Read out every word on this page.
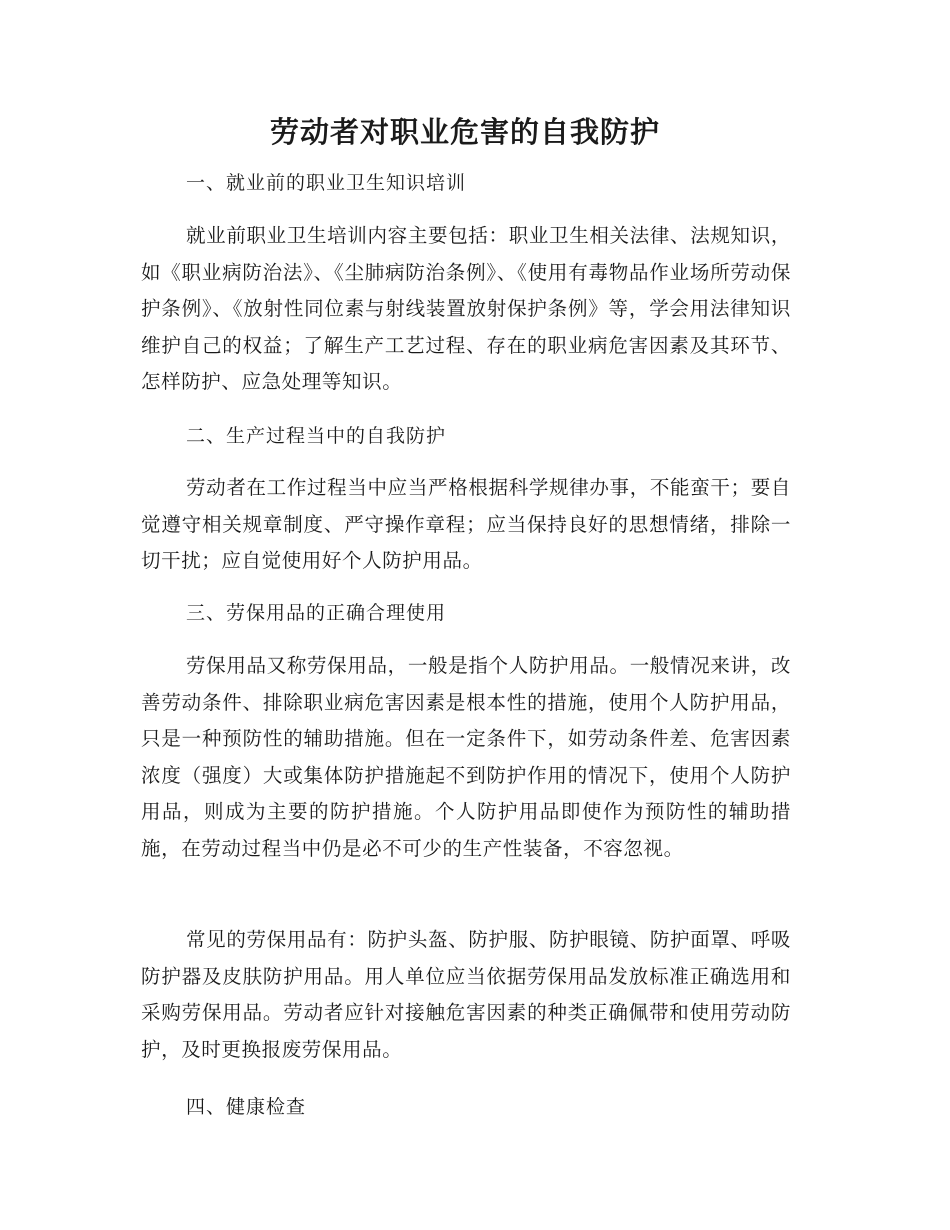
劳动者对职业危害的自我防护

一、就业前的职业卫生知识培训

就业前职业卫生培训内容主要包括：职业卫生相关法律、法规知识，如《职业病防治法》、《尘肺病防治条例》、《使用有毒物品作业场所劳动保护条例》、《放射性同位素与射线装置放射保护条例》等，学会用法律知识维护自己的权益；了解生产工艺过程、存在的职业病危害因素及其环节、怎样防护、应急处理等知识。

二、生产过程当中的自我防护

劳动者在工作过程当中应当严格根据科学规律办事，不能蛮干；要自觉遵守相关规章制度、严守操作章程；应当保持良好的思想情绪，排除一切干扰；应自觉使用好个人防护用品。

三、劳保用品的正确合理使用

劳保用品又称劳保用品，一般是指个人防护用品。一般情况来讲，改善劳动条件、排除职业病危害因素是根本性的措施，使用个人防护用品，只是一种预防性的辅助措施。但在一定条件下，如劳动条件差、危害因素浓度（强度）大或集体防护措施起不到防护作用的情况下，使用个人防护用品，则成为主要的防护措施。个人防护用品即使作为预防性的辅助措施，在劳动过程当中仍是必不可少的生产性装备，不容忽视。

常见的劳保用品有：防护头盔、防护服、防护眼镜、防护面罩、呼吸防护器及皮肤防护用品。用人单位应当依据劳保用品发放标准正确选用和采购劳保用品。劳动者应针对接触危害因素的种类正确佩带和使用劳动防护，及时更换报废劳保用品。

四、健康检查
